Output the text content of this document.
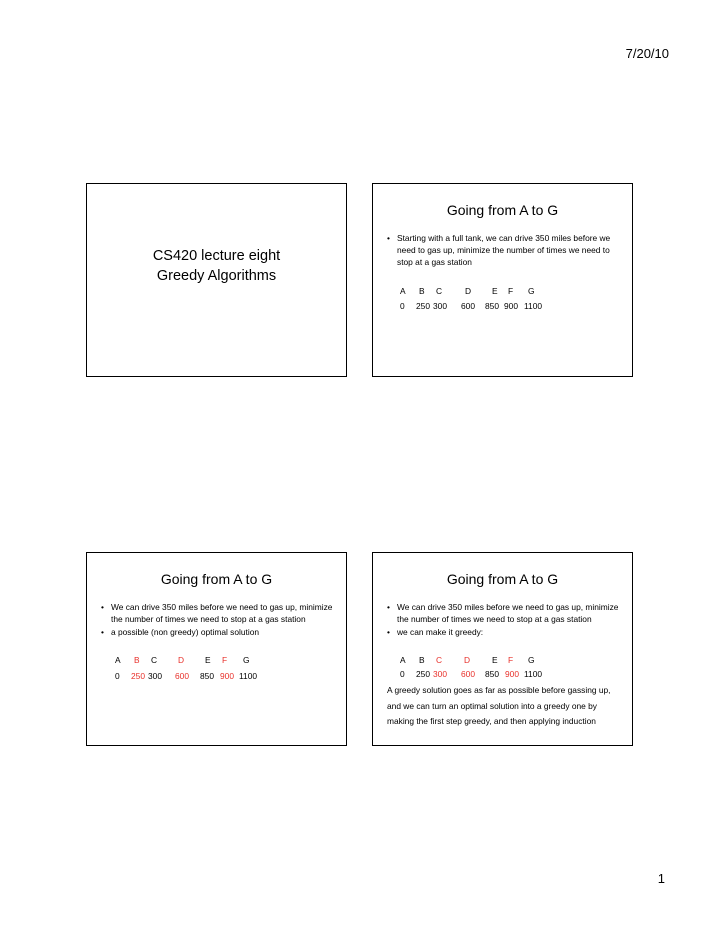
7/20/10
CS420 lecture eight
Greedy Algorithms
Going from A to G
• Starting with a full tank, we can drive 350 miles before we need to gas up, minimize the number of times we need to stop at a gas station
A B C	D E F G
0 250 300 600 850 900 1100
Going from A to G
• We can drive 350 miles before we need to gas up, minimize the number of times we need to stop at a gas station
• a possible (non greedy) optimal solution
A B C D E F G
0 250 300 600 850 900 1100
Going from A to G
• We can drive 350 miles before we need to gas up, minimize the number of times we need to stop at a gas station
• we can make it greedy:
A B C	D	E F G
0 250 300 600 850 900 1100
A greedy solution goes as far as possible before gassing up,
and we can turn an optimal solution into a greedy one by
making the first step greedy, and then applying induction
1
